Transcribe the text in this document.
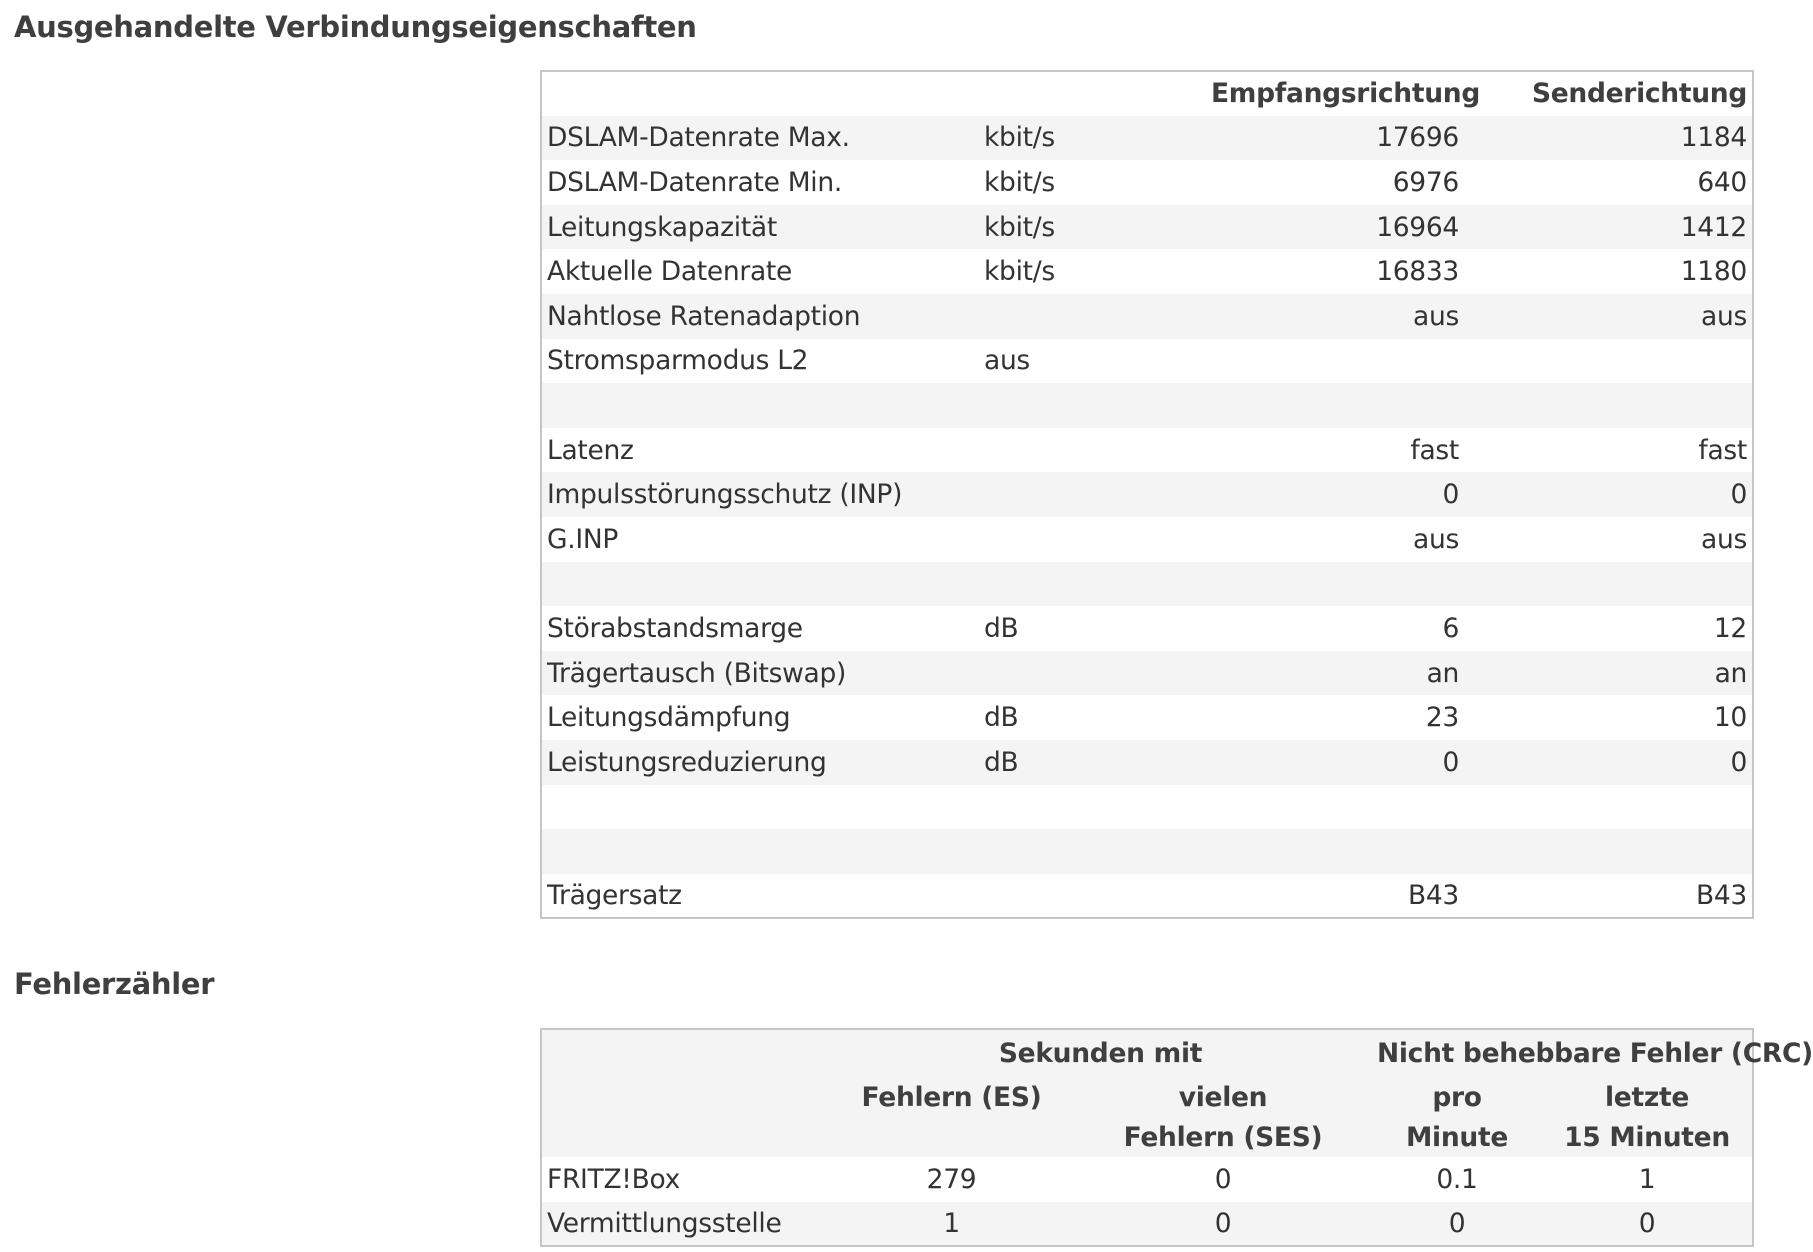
Ausgehandelte Verbindungseigenschaften
		Empfangsrichtung	Senderichtung
DSLAM-Datenrate Max.	kbit/s	17696	1184
DSLAM-Datenrate Min.	kbit/s	6976	640
Leitungskapazität	kbit/s	16964	1412
Aktuelle Datenrate	kbit/s	16833	1180
Nahtlose Ratenadaption		aus	aus
Stromsparmodus L2	aus		

Latenz		fast	fast
Impulsstörungsschutz (INP)		0	0
G.INP		aus	aus

Störabstandsmarge	dB	6	12
Trägertausch (Bitswap)		an	an
Leitungsdämpfung	dB	23	10
Leistungsreduzierung	dB	0	0

Trägersatz		B43	B43
Fehlerzähler
	Sekunden mit		Nicht behebbare Fehler (CRC)	
	Fehlern (ES)	vielen	pro	letzte
		Fehlern (SES)	Minute	15 Minuten
FRITZ!Box	279	0	0.1	1
Vermittlungsstelle	1	0	0	0
